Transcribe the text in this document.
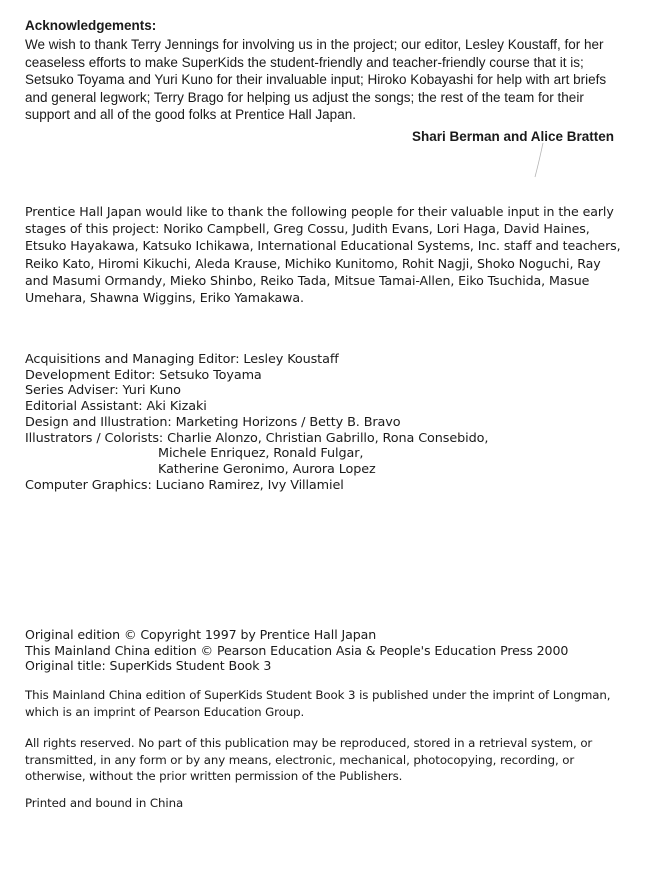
Acknowledgements:

We wish to thank Terry Jennings for involving us in the project; our editor, Lesley Koustaff, for her
ceaseless efforts to make SuperKids the student-friendly and teacher-friendly course that it is;
Setsuko Toyama and Yuri Kuno for their invaluable input; Hiroko Kobayashi for help with art briefs
and general legwork; Terry Brago for helping us adjust the songs; the rest of the team for their
support and all of the good folks at Prentice Hall Japan.

Shari Berman and Alice Bratten

Prentice Hall Japan would like to thank the following people for their valuable input in the early
stages of this project: Noriko Campbell, Greg Cossu, Judith Evans, Lori Haga, David Haines,
Etsuko Hayakawa, Katsuko Ichikawa, International Educational Systems, Inc. staff and teachers,
Reiko Kato, Hiromi Kikuchi, Aleda Krause, Michiko Kunitomo, Rohit Nagji, Shoko Noguchi, Ray
and Masumi Ormandy, Mieko Shinbo, Reiko Tada, Mitsue Tamai-Allen, Eiko Tsuchida, Masue
Umehara, Shawna Wiggins, Eriko Yamakawa.

Acquisitions and Managing Editor: Lesley Koustaff
Development Editor: Setsuko Toyama
Series Adviser: Yuri Kuno
Editorial Assistant: Aki Kizaki
Design and Illustration: Marketing Horizons / Betty B. Bravo
Illustrators / Colorists: Charlie Alonzo, Christian Gabrillo, Rona Consebido,
Michele Enriquez, Ronald Fulgar,
Katherine Geronimo, Aurora Lopez
Computer Graphics: Luciano Ramirez, Ivy Villamiel
Original edition © Copyright 1997 by Prentice Hall Japan
This Mainland China edition © Pearson Education Asia & People's Education Press 2000
Original title: SuperKids Student Book 3
This Mainland China edition of SuperKids Student Book 3 is published under the imprint of Longman,
which is an imprint of Pearson Education Group.
All rights reserved. No part of this publication may be reproduced, stored in a retrieval system, or
transmitted, in any form or by any means, electronic, mechanical, photocopying, recording, or
otherwise, without the prior written permission of the Publishers.

Printed and bound in China
